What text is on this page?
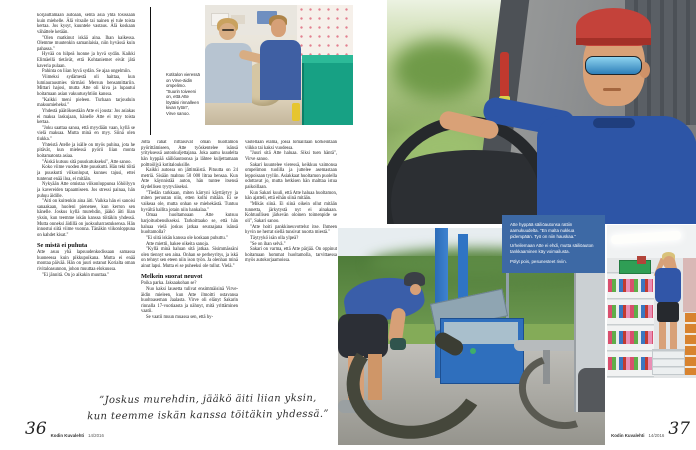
korjauttamaan autoaan, selitä asia yhtä tosissaan kuin miehelle. Älä vitsaile tai nainen ei tule toista kertaa. Jos kysyt, kuuntele vastaus. Älä koskaan vähättele ketään.

"Olen matkinut iskää aina. Ihan kaikessa. Olemme muutenkin samanlaisia, niin hyvässä kuin pahassa."

Hyvää on hilpeä luonne ja hyvä sydän. Kaikki Elimäellä tietävät, että Kohtaniemet eivät jätä kaveria pulaan.

Pahinta on liian hyvä sydän. Se ajaa ongelmiin.

Viimeksi sydämestä oli haittaa, kun lumiaurausmies törmäsi Mersun bensamittariin. Mittari hajosi, mutta Atte oli kiva ja lupautui hoitamaan asian vakuutusyhtiön kanssa.

"Kaikki meni pieleen. Turhaan tarjouduin maksumieheksi."

Yhdestä päätöksestään Atte ei jousta: Jos asiakas ei maksa laskujaan, hänelle Atte ei myy toista kertaa.

"Joku saattaa sanoa, että myydään vaan, kyllä se vielä maksaa. Mutta minä en myy. Siinä olen tiukka."

Yhteistä Atelle ja isälle on myös puhina, jota he pitävät, kun mielessä pyörii liian monta hoitamatonta asiaa.

"Äiskä kutsuu sitä puuskutukseksi", Atte sanoo.

Koko viime vuoden Atte puuskutti. Hän teki töitä ja puuskutti viikonloput, kunnes tajusi, ettei tuntenut enää iloa, ei mitään.

Nykyään Atte omistaa viikonloppunsa löhöilyyn ja kavereiden tapaamiseen. Jos stressi painaa, hän puhuu äidille.

"Äiti on kuitenkin aina äiti. Vaikka hän ei sanoisi sanaakaan, huoleni pienenee, kun kerron sen hänelle. Joskus kyllä murehdin, jääkö äiti liian yksin, kun teemme iskän kanssa töitäkin yhdessä. Mutta onneksi äidillä on juoksuharrastuksensa. Hän innostui siitä viime vuonna. Tänäkin viikonloppuna on kahdet kisat."

Se mistä ei puhuta

Atte asuu yhä lapsuudenkodissaan samassa huoneessa kuin pikkupoikana. Mutta ei enää montaa päivää. Hän on juuri ostanut Korialta oman rivitaloasunnon, johon muuttaa elokuussa.

"Ei jännitä. On jo aikakin muuttaa."

Kotitalon vieressä on Virve-äidin ompelimo. "Suurin toiveeni on, että Atte löytäisi rinnalleen kivan tytön", Virve sanoo.

Jotta rahat riittäisivät oman huoltamon pyörittämiseen, Atte työskentelee isänsä yrityksessä autonkuljettajana. Joka aamu kuudelta hän hyppää säiliöautoonsa ja lähtee kuljettamaan polttoöljyä kotitalouksille.

Kaikki autossa on jättimäistä. Pituutta on 24 metriä. Sisään mahtuu 50 000 litraa bensaa. Kun Atte käynnistää auton, hän tuntee itsensä täydellisen tyytyväiseksi.

"Tiedän tarkkaan, miten kärryni käyttäytyy ja miten peruutan niin, etten kolhi mitään. Ei se vaikeaa ole, mutta onhan se miehekästä. Tuntuu hyvältä hallita jotain niin hankalaa."

Omaa huoltamoaan Atte kutsuu harjoitusbensikseksi. Tarkoittaako se, että hän haluaa vielä joskus jatkaa seuraajana isänsä huoltamolla?

"Ei siitä iskän kanssa ole koskaan puhuttu."

Atte miettii, hakee oikeita sanoja.

"Kyllä minä haluan sitä jatkaa. Sisimmässäni olen tiennyt sen aina. Onhan se perheyritys, ja iskä on tehnyt sen eteen niin ison työn. Ja olenhan minä ainut lapsi. Mutta ei se puheeksi ole tullut. Vielä."

Melkein suorat neuvot

Poika parka. Jaksaakohan se?

Nuo kaksi lausetta tulivat ensimmäisinä Virve-äidin mieleen, kun Atte ilmoitti ostavansa huoltoaseman Jaalasta. Virve oli elänyt Sakarin rinnalla 17-vuotiaasta ja nähnyt, mitä yrittäminen vaatii.

Se vaatii muun muassa sen, että hy-

västellään elämä, jossa lomaillaan korkeintaan viikko tai kaksi vuodessa.

"Juuri sitä Atte haluaa. Siksi tuen häntä", Virve sanoo.

Sakari kuuntelee vieressä, keikkuu vaimonsa ompelimon tuolilla ja juttelee asemastaan leppoisaan tyyliin. Asiakkaat huoltamon puolella odottavat jo, mutta hetkisen hän malttaa istua paikoillaan.

Kun Sakari kuuli, että Atte haluaa huoltamon, hän ajatteli, että eihän siinä mitään.

"Mikäs siinä. Ei siinä oikein ollut mitään tunnetta, järkytystä nyt ei ainakaan. Kohtuullisen järkevän oloinen toimenpide se oli", Sakari sanoo.

"Atte hoiti pankkineuvottelut itse. Ihmeen hyvin ne herrat siellä tunsivat nuorta miestä."

Täytyykö isän olla ylpeä?

"Se on ihan selvä."

Sakari on varma, että Atte pärjää. On oppinut hoitamaan hommat huoltamolla, tarvittaessa myös autokorjaamoissa.

”Joskus murehdin, jääkö äiti liian yksin,
kun teemme iskän kanssa töitäkin yhdessä.”
36 Kodin Kuvalehti 14/2016

Atte hyppää säiliöautonsa rattiin aamukuudelta. "En malta nukkua pidempään. Työ on niin hauskaa."

Urheilemaan Atte ei ehdi, mutta säiliöauton tankkaaminen käy voimailusta.

Pölyt pois, pesunesteet riviin.

Kodin Kuvalehti 14/2016 37
